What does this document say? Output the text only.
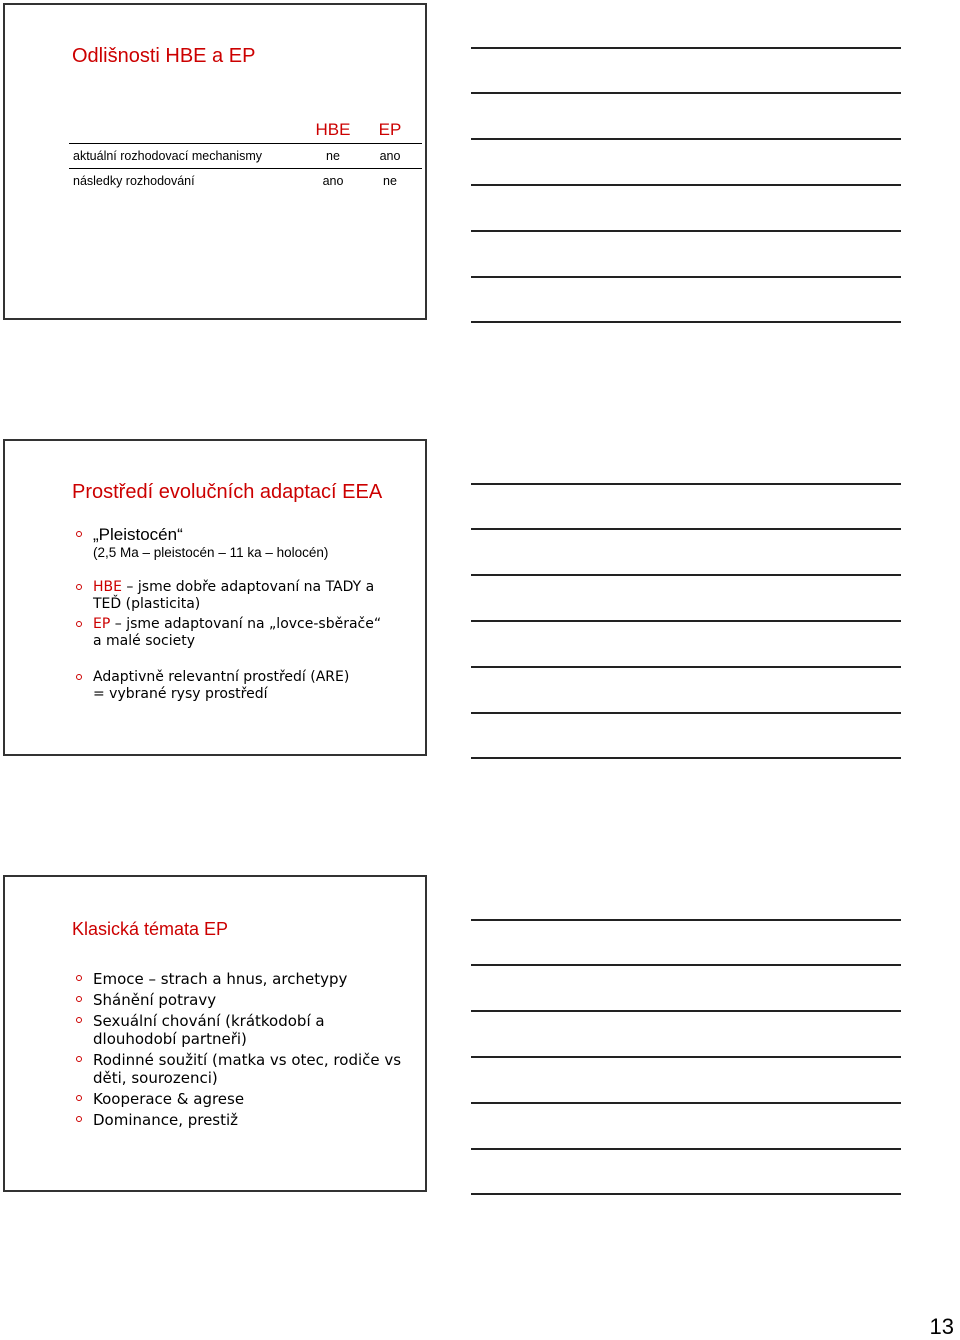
Odlišnosti HBE a EP
	HBE	EP
aktuální rozhodovací mechanismy	ne	ano
následky rozhodování	ano	ne
Prostředí evolučních adaptací EEA
„Pleistocén“
(2,5 Ma – pleistocén – 11 ka – holocén)
HBE – jsme dobře adaptovaní na TADY a
TEĎ (plasticita)
EP – jsme adaptovaní na „lovce-sběrače“
a malé society
Adaptivně relevantní prostředí (ARE)
= vybrané rysy prostředí
Klasická témata EP
Emoce – strach a hnus, archetypy
Shánění potravy
Sexuální chování (krátkodobí a
dlouhodobí partneři)
Rodinné soužití (matka vs otec, rodiče vs
děti, sourozenci)
Kooperace & agrese
Dominance, prestiž
13
